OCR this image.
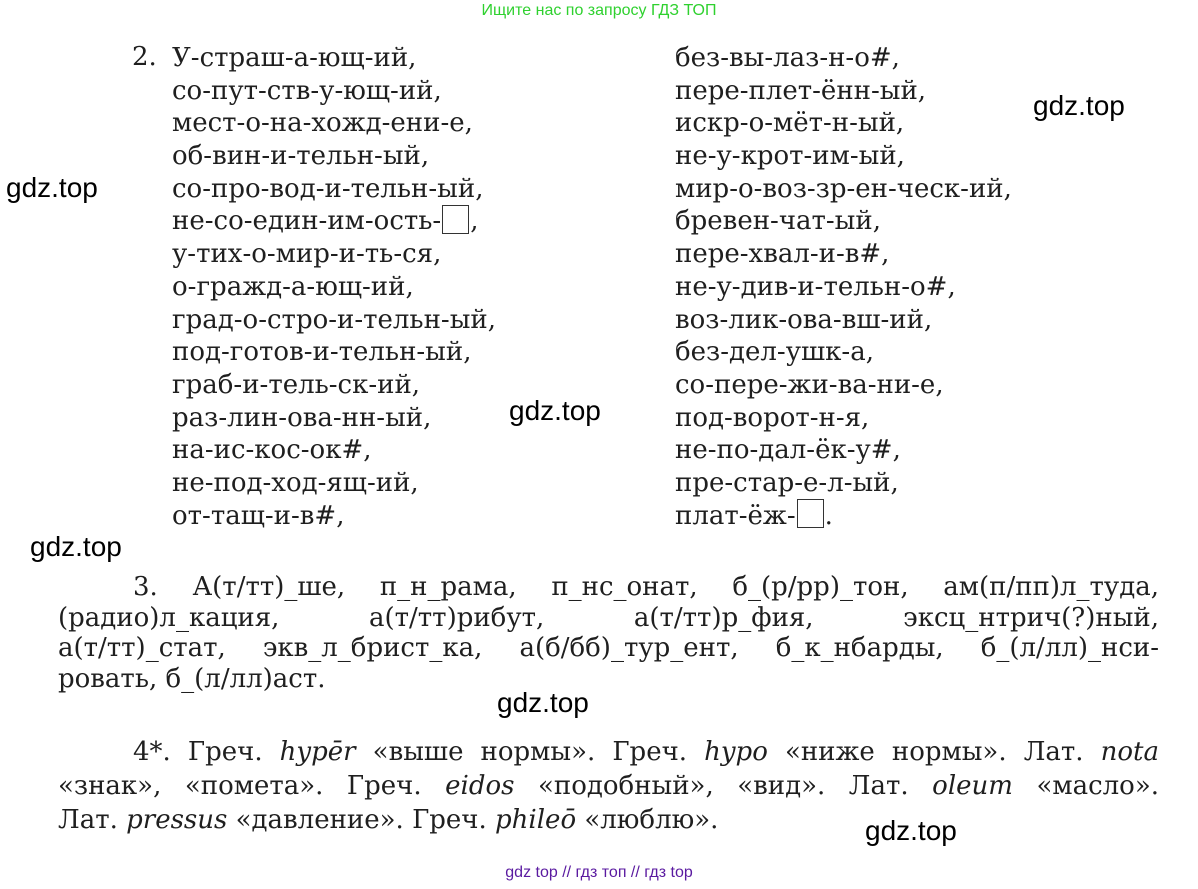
Ищите нас по запросу ГДЗ ТОП
2. У-страш-а-ющ-ий,
со-пут-ств-у-ющ-ий,
мест-о-на-хожд-ени-е,
об-вин-и-тельн-ый,
со-про-вод-и-тельн-ый,
не-со-един-им-ость- ,
у-тих-о-мир-и-ть-ся,
о-гражд-а-ющ-ий,
град-о-стро-и-тельн-ый,
под-готов-и-тельн-ый,
граб-и-тель-ск-ий,
раз-лин-ова-нн-ый,
на-ис-кос-ок#,
не-под-ход-ящ-ий,
от-тащ-и-в#,
без-вы-лаз-н-о#,
пере-плет-ённ-ый,
искр-о-мёт-н-ый,
не-у-крот-им-ый,
мир-о-воз-зр-ен-ческ-ий,
бревен-чат-ый,
пере-хвал-и-в#,
не-у-див-и-тельн-о#,
воз-лик-ова-вш-ий,
без-дел-ушк-а,
со-пере-жи-ва-ни-е,
под-ворот-н-я,
не-по-дал-ёк-у#,
пре-стар-е-л-ый,
плат-ёж- .
3. А(т/тт)_ше, п_н_рама, п_нс_онат, б_(р/рр)_тон, ам(п/пп)л_туда,
(радио)л_кация, а(т/тт)рибут, а(т/тт)р_фия, эксц_нтрич(?)ный,
а(т/тт)_стат, экв_л_брист_ка, а(б/бб)_тур_ент, б_к_нбарды, б_(л/лл)_нси-
ровать, б_(л/лл)аст.
4*. Греч. hypēr «выше нормы». Греч. hypo «ниже нормы». Лат. nota
«знак», «помета». Греч. eidos «подобный», «вид». Лат. oleum «масло».
Лат. pressus «давление». Греч. phileō «люблю».
gdz.top
gdz.top
gdz.top
gdz.top
gdz.top
gdz.top
gdz top // гдз топ // гдз top
